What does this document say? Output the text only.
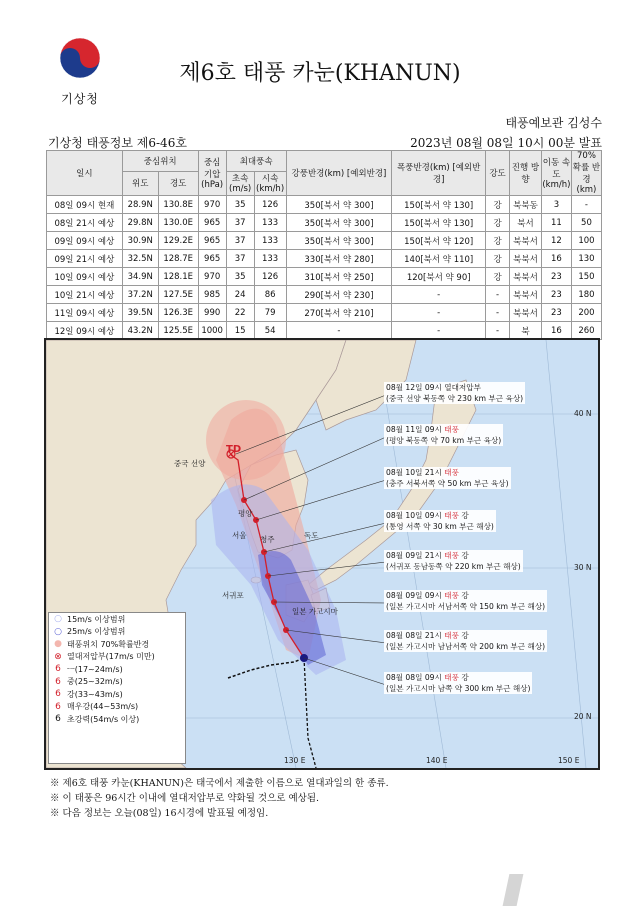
기상청
제6호 태풍 카눈(KHANUN)
태풍예보관 김성수
기상청 태풍정보 제6-46호	2023년 08월 08일 10시 00분 발표
일시	중심위치		중심 기압 (hPa)	최대풍속		강풍반경(km) [예외반경]	폭풍반경(km) [예외반경]	강도	진행 방향	이동 속도 (km/h)	70% 확률 반경 (km)
	위도	경도		초속 (m/s)	시속 (km/h)						
08일 09시 현재	28.9N	130.8E	970	35	126	350[북서 약 300]	150[북서 약 130]	강	북북동	3	-
08일 21시 예상	29.8N	130.0E	965	37	133	350[북서 약 300]	150[북서 약 130]	강	북서	11	50
09일 09시 예상	30.9N	129.2E	965	37	133	350[북서 약 300]	150[북서 약 120]	강	북북서	12	100
09일 21시 예상	32.5N	128.7E	965	37	133	330[북서 약 280]	140[북서 약 110]	강	북북서	16	130
10일 09시 예상	34.9N	128.1E	970	35	126	310[북서 약 250]	120[북서 약 90]	강	북북서	23	150
10일 21시 예상	37.2N	127.5E	985	24	86	290[북서 약 230]	-	-	북북서	23	180
11일 09시 예상	39.5N	126.3E	990	22	79	270[북서 약 210]	-	-	북북서	23	200
12일 09시 예상	43.2N	125.5E	1000	15	54	-	-	-	북	16	260
중국 선양
TD
평양
서울 청주	독도
서귀포
일본 가고시마
40 N
30 N
20 N
130 E	140 E	150 E
08월 12일 09시 열대저압부
(중국 선양 북동쪽 약 230 km 부근 육상)
08월 11일 09시 태풍
(평양 북동쪽 약 70 km 부근 육상)
08월 10일 21시 태풍
(충주 서북서쪽 약 50 km 부근 육상)
08월 10일 09시 태풍 강
(통영 서쪽 약 30 km 부근 해상)
08월 09일 21시 태풍 강
(서귀포 동남동쪽 약 220 km 부근 해상)
08월 09일 09시 태풍 강
(일본 가고시마 서남서쪽 약 150 km 부근 해상)
08월 08일 21시 태풍 강
(일본 가고시마 남남서쪽 약 200 km 부근 해상)
08월 08일 09시 태풍 강
(일본 가고시마 남쪽 약 300 km 부근 해상)
○ 15m/s 이상범위
○ 25m/s 이상범위
● 태풍위치 70%확률반경
⊗ 열대저압부(17m/s 미만)
6 ㅡ(17~24m/s)
6 중(25~32m/s)
6 강(33~43m/s)
6 매우강(44~53m/s)
6 초강력(54m/s 이상)
※ 제6호 태풍 카눈(KHANUN)은 태국에서 제출한 이름으로 열대과일의 한 종류.
※ 이 태풍은 96시간 이내에 열대저압부로 약화될 것으로 예상됨.
※ 다음 정보는 오늘(08일) 16시경에 발표될 예정임.
